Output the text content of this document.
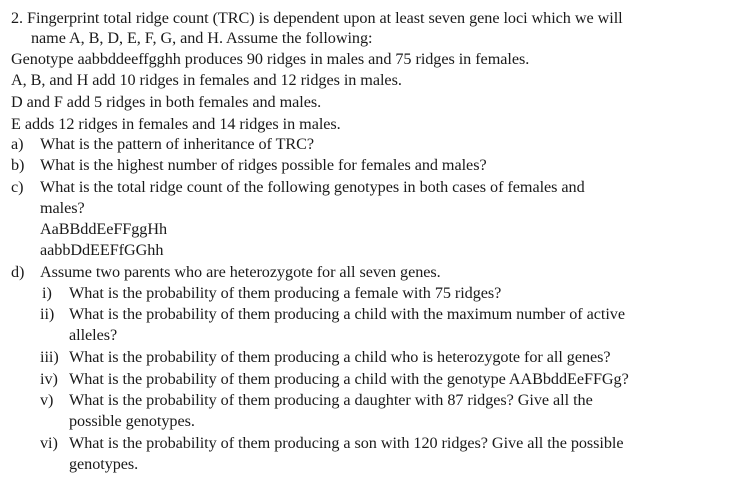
2. Fingerprint total ridge count (TRC) is dependent upon at least seven gene loci which we will
name A, B, D, E, F, G, and H. Assume the following:
Genotype aabbddeeffgghh produces 90 ridges in males and 75 ridges in females.
A, B, and H add 10 ridges in females and 12 ridges in males.
D and F add 5 ridges in both females and males.
E adds 12 ridges in females and 14 ridges in males.
a) What is the pattern of inheritance of TRC?
b) What is the highest number of ridges possible for females and males?
c) What is the total ridge count of the following genotypes in both cases of females and
males?
AaBBddEeFFggHh
aabbDdEEFfGGhh
d) Assume two parents who are heterozygote for all seven genes.
i) What is the probability of them producing a female with 75 ridges?
ii) What is the probability of them producing a child with the maximum number of active
alleles?
iii) What is the probability of them producing a child who is heterozygote for all genes?
iv) What is the probability of them producing a child with the genotype AABbddEeFFGg?
v) What is the probability of them producing a daughter with 87 ridges? Give all the
possible genotypes.
vi) What is the probability of them producing a son with 120 ridges? Give all the possible
genotypes.
